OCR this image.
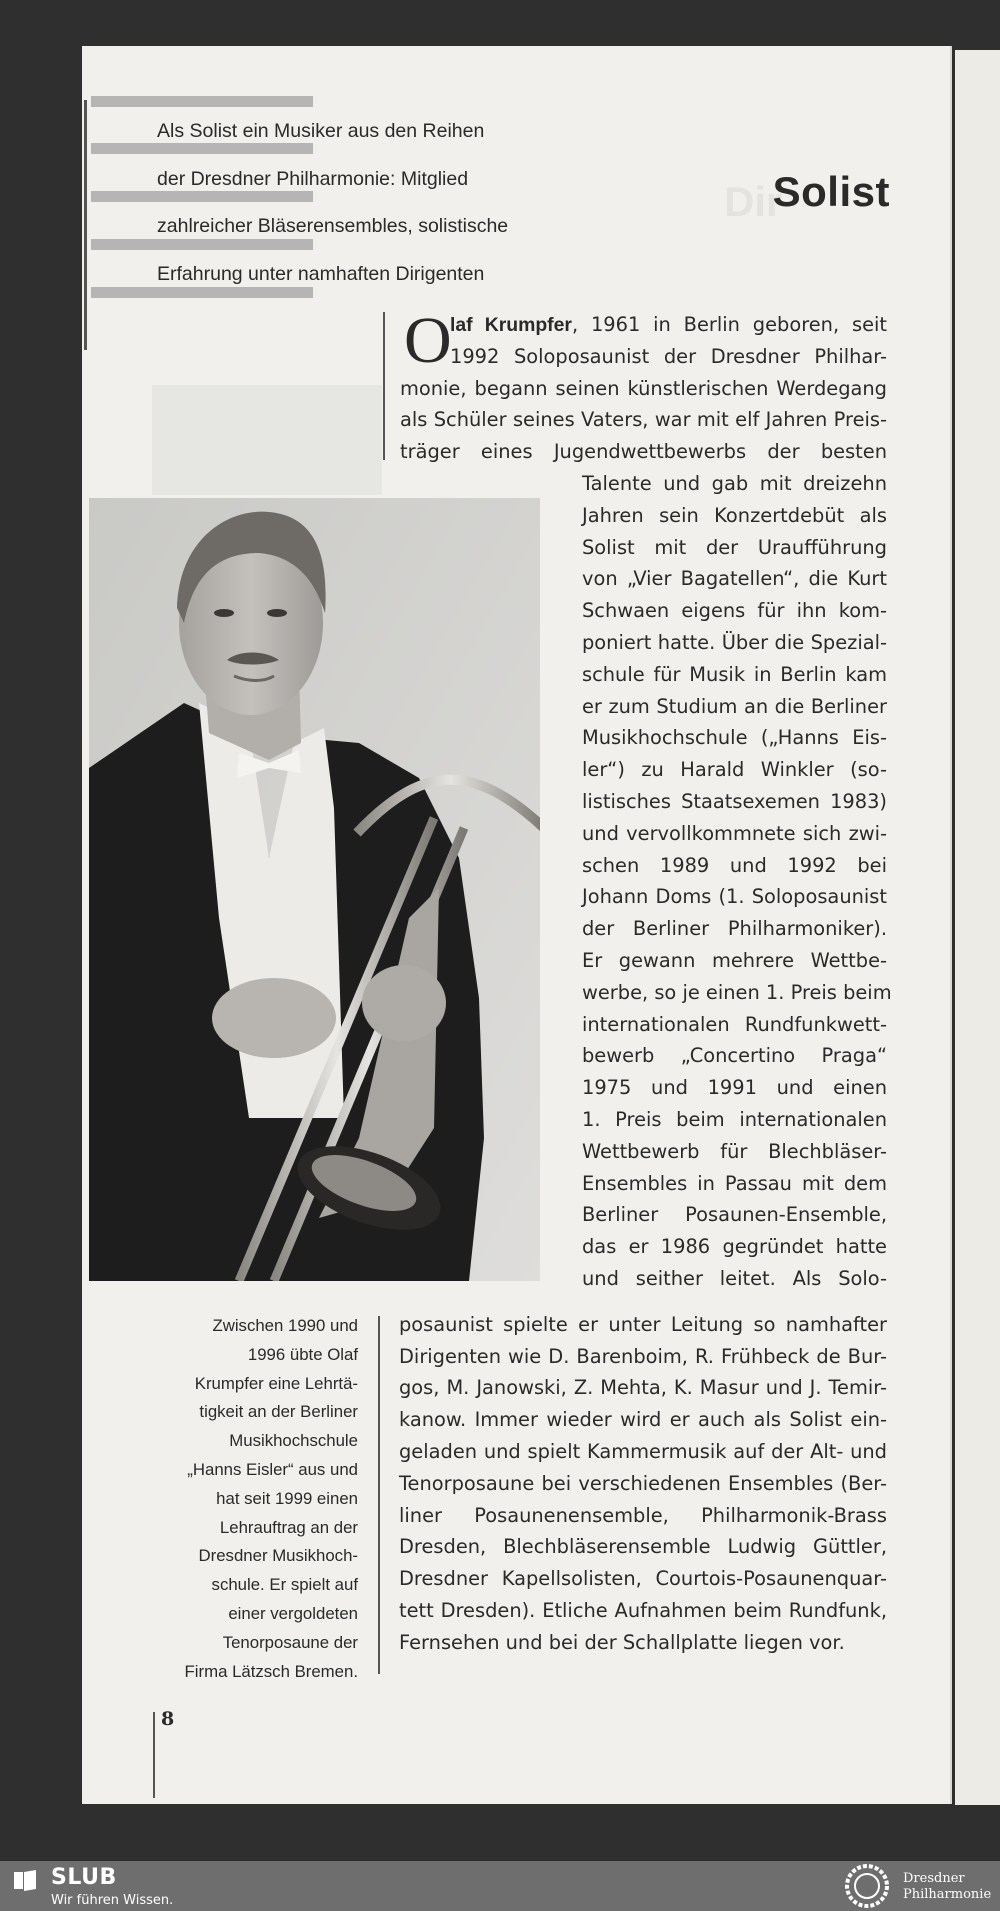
Als Solist ein Musiker aus den Reihen
der Dresdner Philharmonie: Mitglied
zahlreicher Bläserensembles, solistische
Erfahrung unter namhaften Dirigenten
Dir
Solist
O
laf Krumpfer, 1961 in Berlin geboren, seit
1992 Soloposaunist der Dresdner Philhar-
monie, begann seinen künstlerischen Werdegang
als Schüler seines Vaters, war mit elf Jahren Preis-
träger eines Jugendwettbewerbs der besten
Talente und gab mit dreizehn
Jahren sein Konzertdebüt als
Solist mit der Uraufführung
von „Vier Bagatellen“, die Kurt
Schwaen eigens für ihn kom-
poniert hatte. Über die Spezial-
schule für Musik in Berlin kam
er zum Studium an die Berliner
Musikhochschule („Hanns Eis-
ler“) zu Harald Winkler (so-
listisches Staatsexemen 1983)
und vervollkommnete sich zwi-
schen 1989 und 1992 bei
Johann Doms (1. Soloposaunist
der Berliner Philharmoniker).
Er gewann mehrere Wettbe-
werbe, so je einen 1. Preis beim
internationalen Rundfunkwett-
bewerb „Concertino Praga“
1975 und 1991 und einen
1. Preis beim internationalen
Wettbewerb für Blechbläser-
Ensembles in Passau mit dem
Berliner Posaunen-Ensemble,
das er 1986 gegründet hatte
und seither leitet. Als Solo-
posaunist spielte er unter Leitung so namhafter
Dirigenten wie D. Barenboim, R. Frühbeck de Bur-
gos, M. Janowski, Z. Mehta, K. Masur und J. Temir-
kanow. Immer wieder wird er auch als Solist ein-
geladen und spielt Kammermusik auf der Alt- und
Tenorposaune bei verschiedenen Ensembles (Ber-
liner Posaunenensemble, Philharmonik-Brass
Dresden, Blechbläserensemble Ludwig Güttler,
Dresdner Kapellsolisten, Courtois-Posaunenquar-
tett Dresden). Etliche Aufnahmen beim Rundfunk,
Fernsehen und bei der Schallplatte liegen vor.
Zwischen 1990 und
1996 übte Olaf
Krumpfer eine Lehrtä-
tigkeit an der Berliner
Musikhochschule
„Hanns Eisler“ aus und
hat seit 1999 einen
Lehrauftrag an der
Dresdner Musikhoch-
schule. Er spielt auf
einer vergoldeten
Tenorposaune der
Firma Lätzsch Bremen.
8
SLUB
Wir führen Wissen.
Dresdner
Philharmonie
